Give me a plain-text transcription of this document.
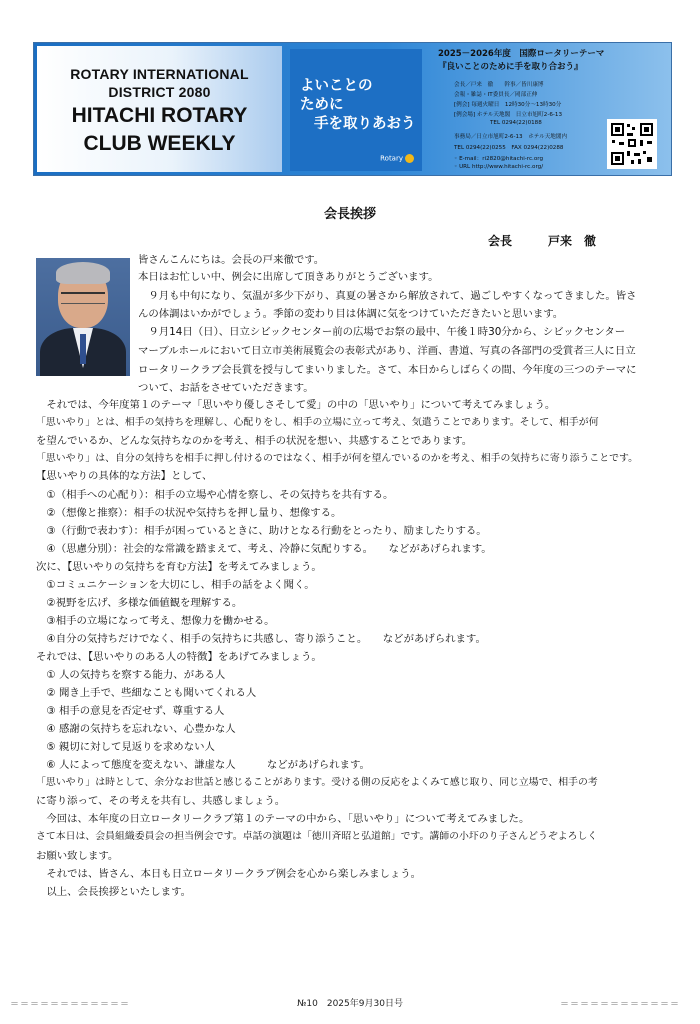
ROTARY INTERNATIONAL
DISTRICT 2080
HITACHI ROTARY
CLUB WEEKLY
よいことの
ために
手を取りあおう
Rotary
2025－2026年度　国際ロータリーテーマ
『良いことのために手を取り合おう』
会長／戸来　徹　　幹事／皆川康博
会報・雑誌・IT委員長／岡部正伸
[例会] 毎週火曜日　12時30分～13時30分
[例会場] ホテル天地閣　日立市旭町2-6-13
TEL 0294(22)0188
事務局／日立市旭町2-6-13　ホテル天地閣内
TEL 0294(22)0255　FAX 0294(22)0288
◦ E-mail：ri2820@hitachi-rc.org
◦ URL http://www.hitachi-rc.org/
会長挨拶
会長　　　戸来　徹
皆さんこんにちは。会長の戸来徹です。
本日はお忙しい中、例会に出席して頂きありがとうございます。
　９月も中旬になり、気温が多少下がり、真夏の暑さから解放されて、過ごしやすくなってきました。皆さ
んの体調はいかがでしょう。季節の変わり目は体調に気をつけていただきたいと思います。
　９月14日（日）、日立シビックセンター前の広場でお祭の最中、午後１時30分から、シビックセンター
マーブルホールにおいて日立市美術展覧会の表彰式があり、洋画、書道、写真の各部門の受賞者三人に日立
ロータリークラブ会長賞を授与してまいりました。さて、本日からしばらくの間、今年度の三つのテーマに
ついて、お話をさせていただきます。
　それでは、今年度第１のテーマ「思いやり優しさそして愛」の中の「思いやり」について考えてみましょう。
「思いやり」とは、相手の気持ちを理解し、心配りをし、相手の立場に立って考え、気遣うことであります。そして、相手が何
を望んでいるか、どんな気持ちなのかを考え、相手の状況を想い、共感することであります。
「思いやり」は、自分の気持ちを相手に押し付けるのではなく、相手が何を望んでいるのかを考え、相手の気持ちに寄り添うことです。
【思いやりの具体的な方法】として、
　①（相手への心配り）：相手の立場や心情を察し、その気持ちを共有する。
　②（想像と推察）：相手の状況や気持ちを押し量り、想像する。
　③（行動で表わす）：相手が困っているときに、助けとなる行動をとったり、励ましたりする。
　④（思慮分別）：社会的な常識を踏まえて、考え、冷静に気配りする。　　などがあげられます。
次に、【思いやりの気持ちを育む方法】を考えてみましょう。
　①コミュニケーションを大切にし、相手の話をよく聞く。
　②視野を広げ、多様な価値観を理解する。
　③相手の立場になって考え、想像力を働かせる。
　④自分の気持ちだけでなく、相手の気持ちに共感し、寄り添うこと。　　などがあげられます。
それでは、【思いやりのある人の特徴】をあげてみましょう。
　① 人の気持ちを察する能力、がある人
　② 聞き上手で、些細なことも聞いてくれる人
　③ 相手の意見を否定せず、尊重する人
　④ 感謝の気持ちを忘れない、心豊かな人
　⑤ 親切に対して見返りを求めない人
　⑥ 人によって態度を変えない、謙虚な人　　　などがあげられます。
「思いやり」は時として、余分なお世話と感じることがあります。受ける側の反応をよくみて感じ取り、同じ立場で、相手の考
に寄り添って、その考えを共有し、共感しましょう。
　今回は、本年度の日立ロータリークラブ第１のテーマの中から、「思いやり」について考えてみました。
さて本日は、会員組織委員会の担当例会です。卓話の演題は「徳川斉昭と弘道館」です。講師の小圷のり子さんどうぞよろしく
お願い致します。
　それでは、皆さん、本日も日立ロータリークラブ例会を心から楽しみましょう。
　以上、会長挨拶といたします。
＝＝＝＝＝＝＝＝＝＝＝＝	№10　2025年9月30日号	＝＝＝＝＝＝＝＝＝＝＝＝
